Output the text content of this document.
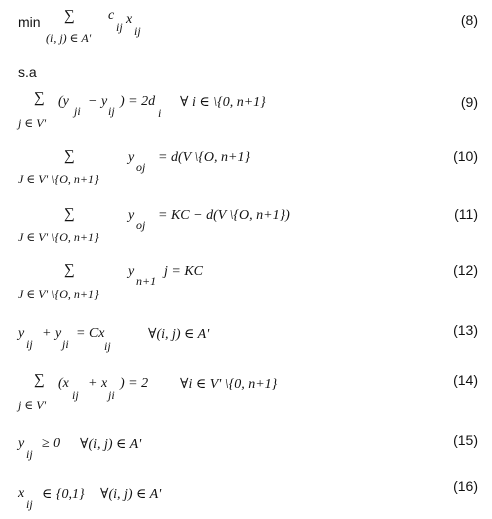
min ∑
(i, j) ∈ A'
c
ij x
ij
(8)
s.a
∑
j ∈ V'
(y
ji
− y
ij
) = 2d
i
∀ i ∈ \{0, n+1}	(9)
∑
J ∈ V' \{O, n+1}
y
oj
= d(V \{O, n+1}	(10)
∑
J ∈ V' \{O, n+1}
y
oj
= KC − d(V \{O, n+1})	(11)
∑
J ∈ V' \{O, n+1}
y
n+1
j = KC	(12)
y
ij
+ y
ji
= Cx
ij
∀(i, j) ∈ A'	(13)
∑
j ∈ V'
(x
ij
+ x
ji
) = 2 ∀i ∈ V' \{0, n+1}	(14)
y
ij
≥ 0 ∀(i, j) ∈ A'	(15)
x
ij
∈ {0,1} ∀(i, j) ∈ A'
(16)
